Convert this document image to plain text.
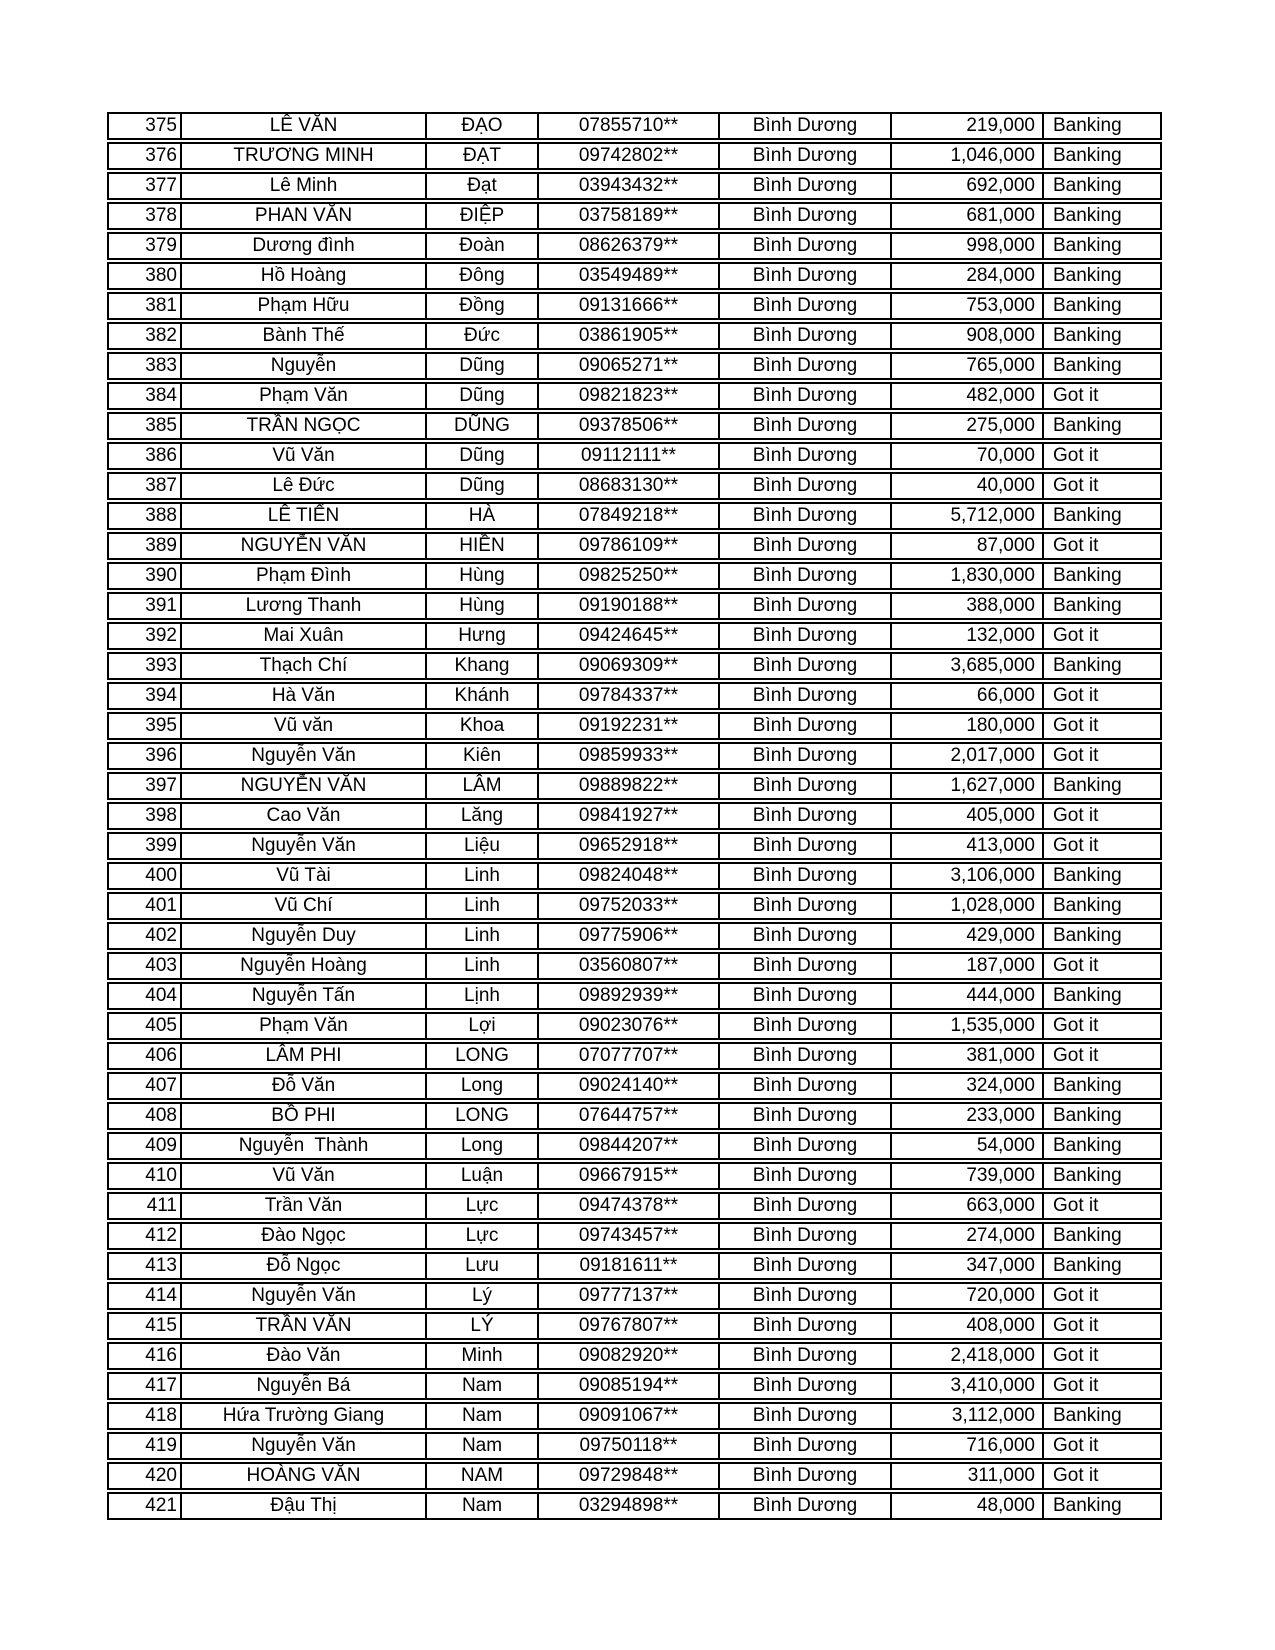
375	LÊ VĂN	ĐẠO	07855710**	Bình Dương	219,000 Banking
376	TRƯƠNG MINH	ĐẠT	09742802**	Bình Dương	1,046,000 Banking
377	Lê Minh	Đạt	03943432**	Bình Dương	692,000 Banking
378	PHAN VĂN	ĐIỆP	03758189**	Bình Dương	681,000 Banking
379	Dương đình	Đoàn	08626379**	Bình Dương	998,000 Banking
380	Hồ Hoàng	Đông	03549489**	Bình Dương	284,000 Banking
381	Phạm Hữu	Đồng	09131666**	Bình Dương	753,000 Banking
382	Bành Thế	Đức	03861905**	Bình Dương	908,000 Banking
383	Nguyễn	Dũng	09065271**	Bình Dương	765,000 Banking
384	Phạm Văn	Dũng	09821823**	Bình Dương	482,000 Got it
385	TRẦN NGỌC	DŨNG	09378506**	Bình Dương	275,000 Banking
386	Vũ Văn	Dũng	09112111**	Bình Dương	70,000 Got it
387	Lê Đức	Dũng	08683130**	Bình Dương	40,000 Got it
388	LÊ TIẾN	HÀ	07849218**	Bình Dương	5,712,000 Banking
389	NGUYỄN VĂN	HIỀN	09786109**	Bình Dương	87,000 Got it
390	Phạm Đình	Hùng	09825250**	Bình Dương	1,830,000 Banking
391	Lương Thanh	Hùng	09190188**	Bình Dương	388,000 Banking
392	Mai Xuân	Hưng	09424645**	Bình Dương	132,000 Got it
393	Thạch Chí	Khang	09069309**	Bình Dương	3,685,000 Banking
394	Hà Văn	Khánh	09784337**	Bình Dương	66,000 Got it
395	Vũ văn	Khoa	09192231**	Bình Dương	180,000 Got it
396	Nguyễn Văn	Kiên	09859933**	Bình Dương	2,017,000 Got it
397	NGUYỄN VĂN	LÂM	09889822**	Bình Dương	1,627,000 Banking
398	Cao Văn	Lăng	09841927**	Bình Dương	405,000 Got it
399	Nguyễn Văn	Liệu	09652918**	Bình Dương	413,000 Got it
400	Vũ Tài	Linh	09824048**	Bình Dương	3,106,000 Banking
401	Vũ Chí	Linh	09752033**	Bình Dương	1,028,000 Banking
402	Nguyễn Duy	Linh	09775906**	Bình Dương	429,000 Banking
403	Nguyễn Hoàng	Linh	03560807**	Bình Dương	187,000 Got it
404	Nguyễn Tấn	Lịnh	09892939**	Bình Dương	444,000 Banking
405	Phạm Văn	Lợi	09023076**	Bình Dương	1,535,000 Got it
406	LÂM PHI	LONG	07077707**	Bình Dương	381,000 Got it
407	Đỗ Văn	Long	09024140**	Bình Dương	324,000 Banking
408	BỒ PHI	LONG	07644757**	Bình Dương	233,000 Banking
409	Nguyễn  Thành	Long	09844207**	Bình Dương	54,000 Banking
410	Vũ Văn	Luận	09667915**	Bình Dương	739,000 Banking
411	Trần Văn	Lực	09474378**	Bình Dương	663,000 Got it
412	Đào Ngọc	Lực	09743457**	Bình Dương	274,000 Banking
413	Đỗ Ngọc	Lưu	09181611**	Bình Dương	347,000 Banking
414	Nguyễn Văn	Lý	09777137**	Bình Dương	720,000 Got it
415	TRẦN VĂN	LÝ	09767807**	Bình Dương	408,000 Got it
416	Đào Văn	Minh	09082920**	Bình Dương	2,418,000 Got it
417	Nguyễn Bá	Nam	09085194**	Bình Dương	3,410,000 Got it
418	Hứa Trường Giang	Nam	09091067**	Bình Dương	3,112,000 Banking
419	Nguyễn Văn	Nam	09750118**	Bình Dương	716,000 Got it
420	HOÀNG VĂN	NAM	09729848**	Bình Dương	311,000 Got it
421	Đậu Thị	Nam	03294898**	Bình Dương	48,000 Banking
